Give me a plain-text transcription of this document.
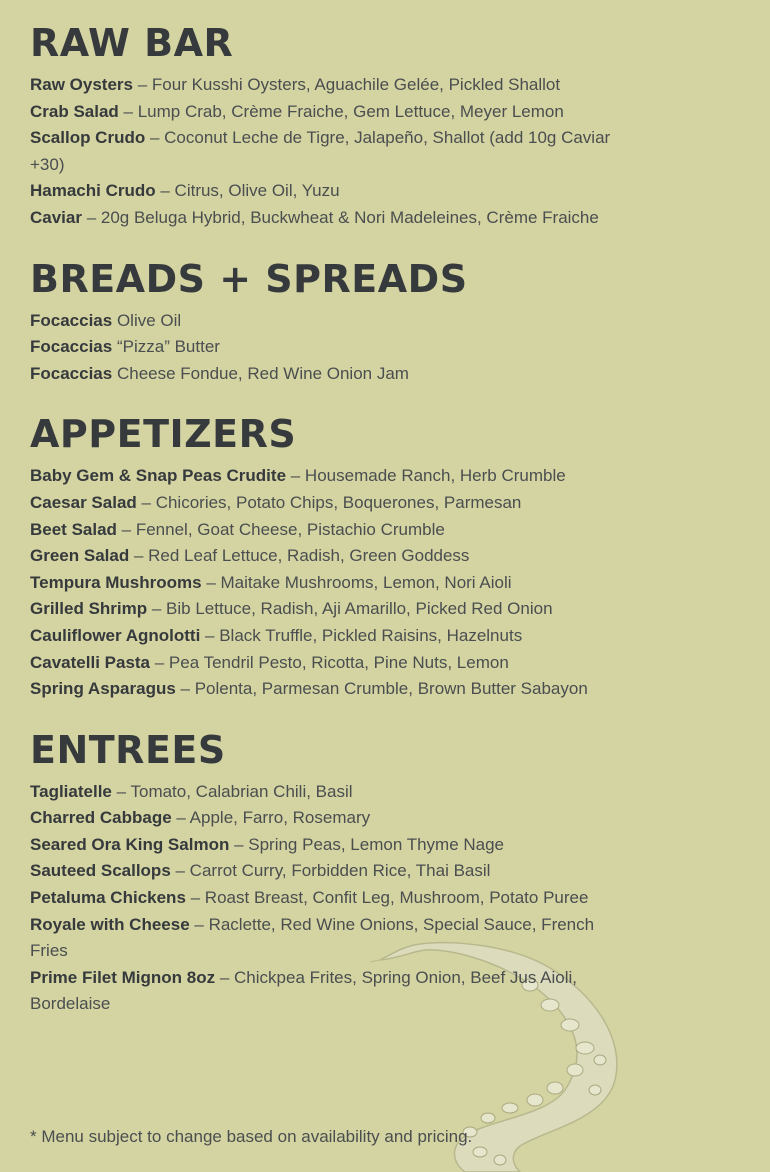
RAW BAR
Raw Oysters – Four Kusshi Oysters, Aguachile Gelée, Pickled Shallot
Crab Salad – Lump Crab, Crème Fraiche, Gem Lettuce, Meyer Lemon
Scallop Crudo – Coconut Leche de Tigre, Jalapeño, Shallot (add 10g Caviar +30)
Hamachi Crudo – Citrus, Olive Oil, Yuzu
Caviar – 20g Beluga Hybrid, Buckwheat & Nori Madeleines, Crème Fraiche
BREADS + SPREADS
Focaccias Olive Oil
Focaccias “Pizza” Butter
Focaccias Cheese Fondue, Red Wine Onion Jam
APPETIZERS
Baby Gem & Snap Peas Crudite – Housemade Ranch, Herb Crumble
Caesar Salad – Chicories, Potato Chips, Boquerones, Parmesan
Beet Salad – Fennel, Goat Cheese, Pistachio Crumble
Green Salad – Red Leaf Lettuce, Radish, Green Goddess
Tempura Mushrooms – Maitake Mushrooms, Lemon, Nori Aioli
Grilled Shrimp – Bib Lettuce, Radish, Aji Amarillo, Picked Red Onion
Cauliflower Agnolotti – Black Truffle, Pickled Raisins, Hazelnuts
Cavatelli Pasta – Pea Tendril Pesto, Ricotta, Pine Nuts, Lemon
Spring Asparagus – Polenta, Parmesan Crumble, Brown Butter Sabayon
ENTREES
Tagliatelle – Tomato, Calabrian Chili, Basil
Charred Cabbage – Apple, Farro, Rosemary
Seared Ora King Salmon – Spring Peas, Lemon Thyme Nage
Sauteed Scallops – Carrot Curry, Forbidden Rice, Thai Basil
Petaluma Chickens – Roast Breast, Confit Leg, Mushroom, Potato Puree
Royale with Cheese – Raclette, Red Wine Onions, Special Sauce, French Fries
Prime Filet Mignon 8oz – Chickpea Frites, Spring Onion, Beef Jus Aioli, Bordelaise
* Menu subject to change based on availability and pricing.
